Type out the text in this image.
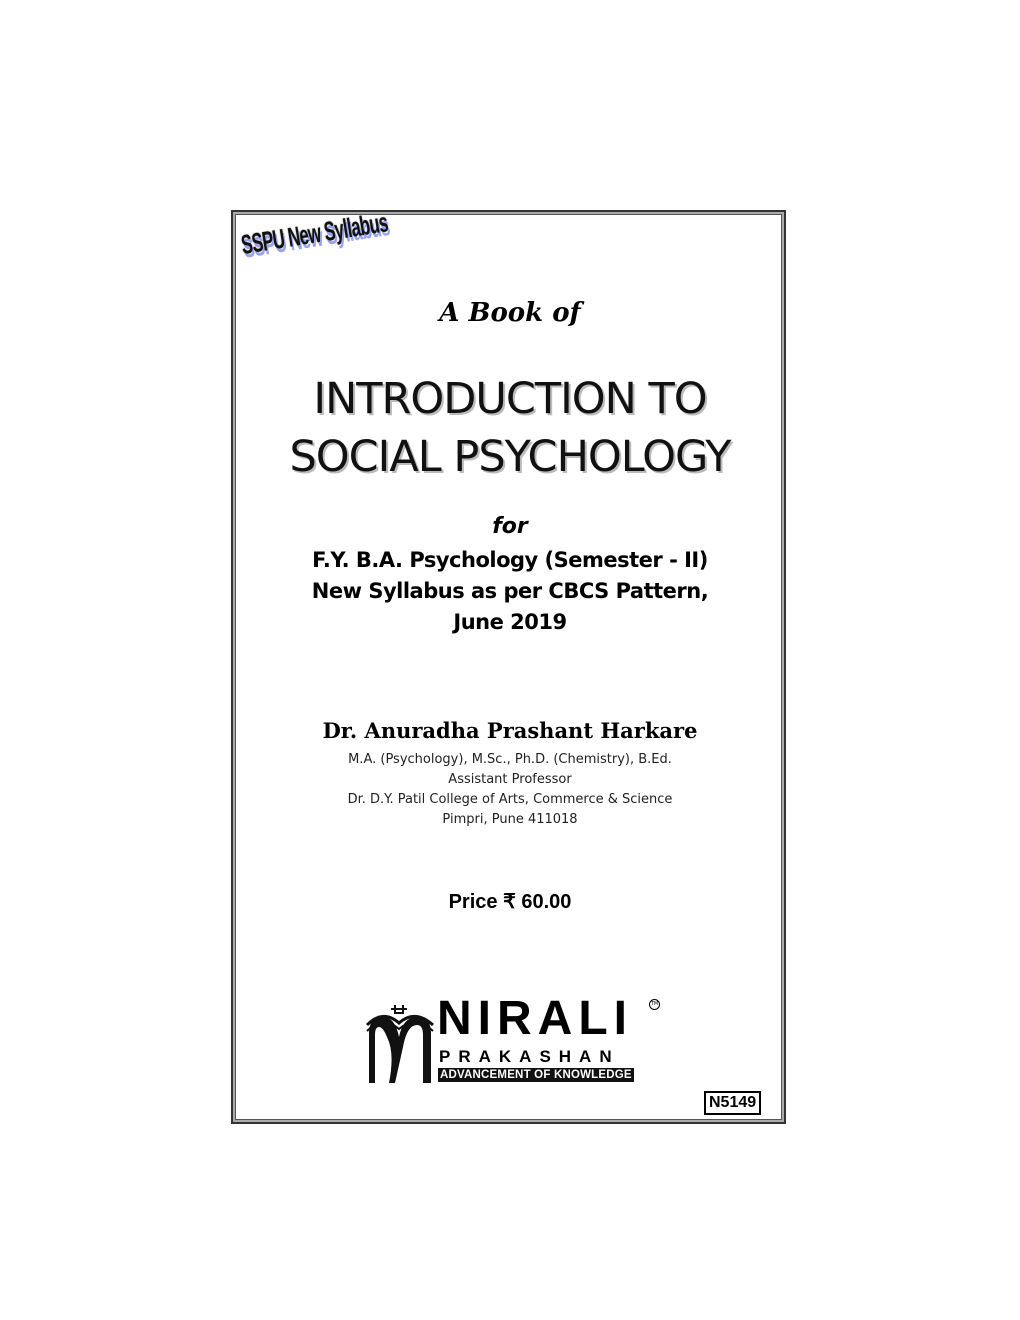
SSPU New Syllabus
A Book of
INTRODUCTION TO
SOCIAL PSYCHOLOGY
for
F.Y. B.A. Psychology (Semester - II)
New Syllabus as per CBCS Pattern,
June 2019
Dr. Anuradha Prashant Harkare
M.A. (Psychology), M.Sc., Ph.D. (Chemistry), B.Ed.
Assistant Professor
Dr. D.Y. Patil College of Arts, Commerce & Science
Pimpri, Pune 411018
Price ₹ 60.00
NIRALI	TM
PRAKASHAN
ADVANCEMENT OF KNOWLEDGE
N5149
